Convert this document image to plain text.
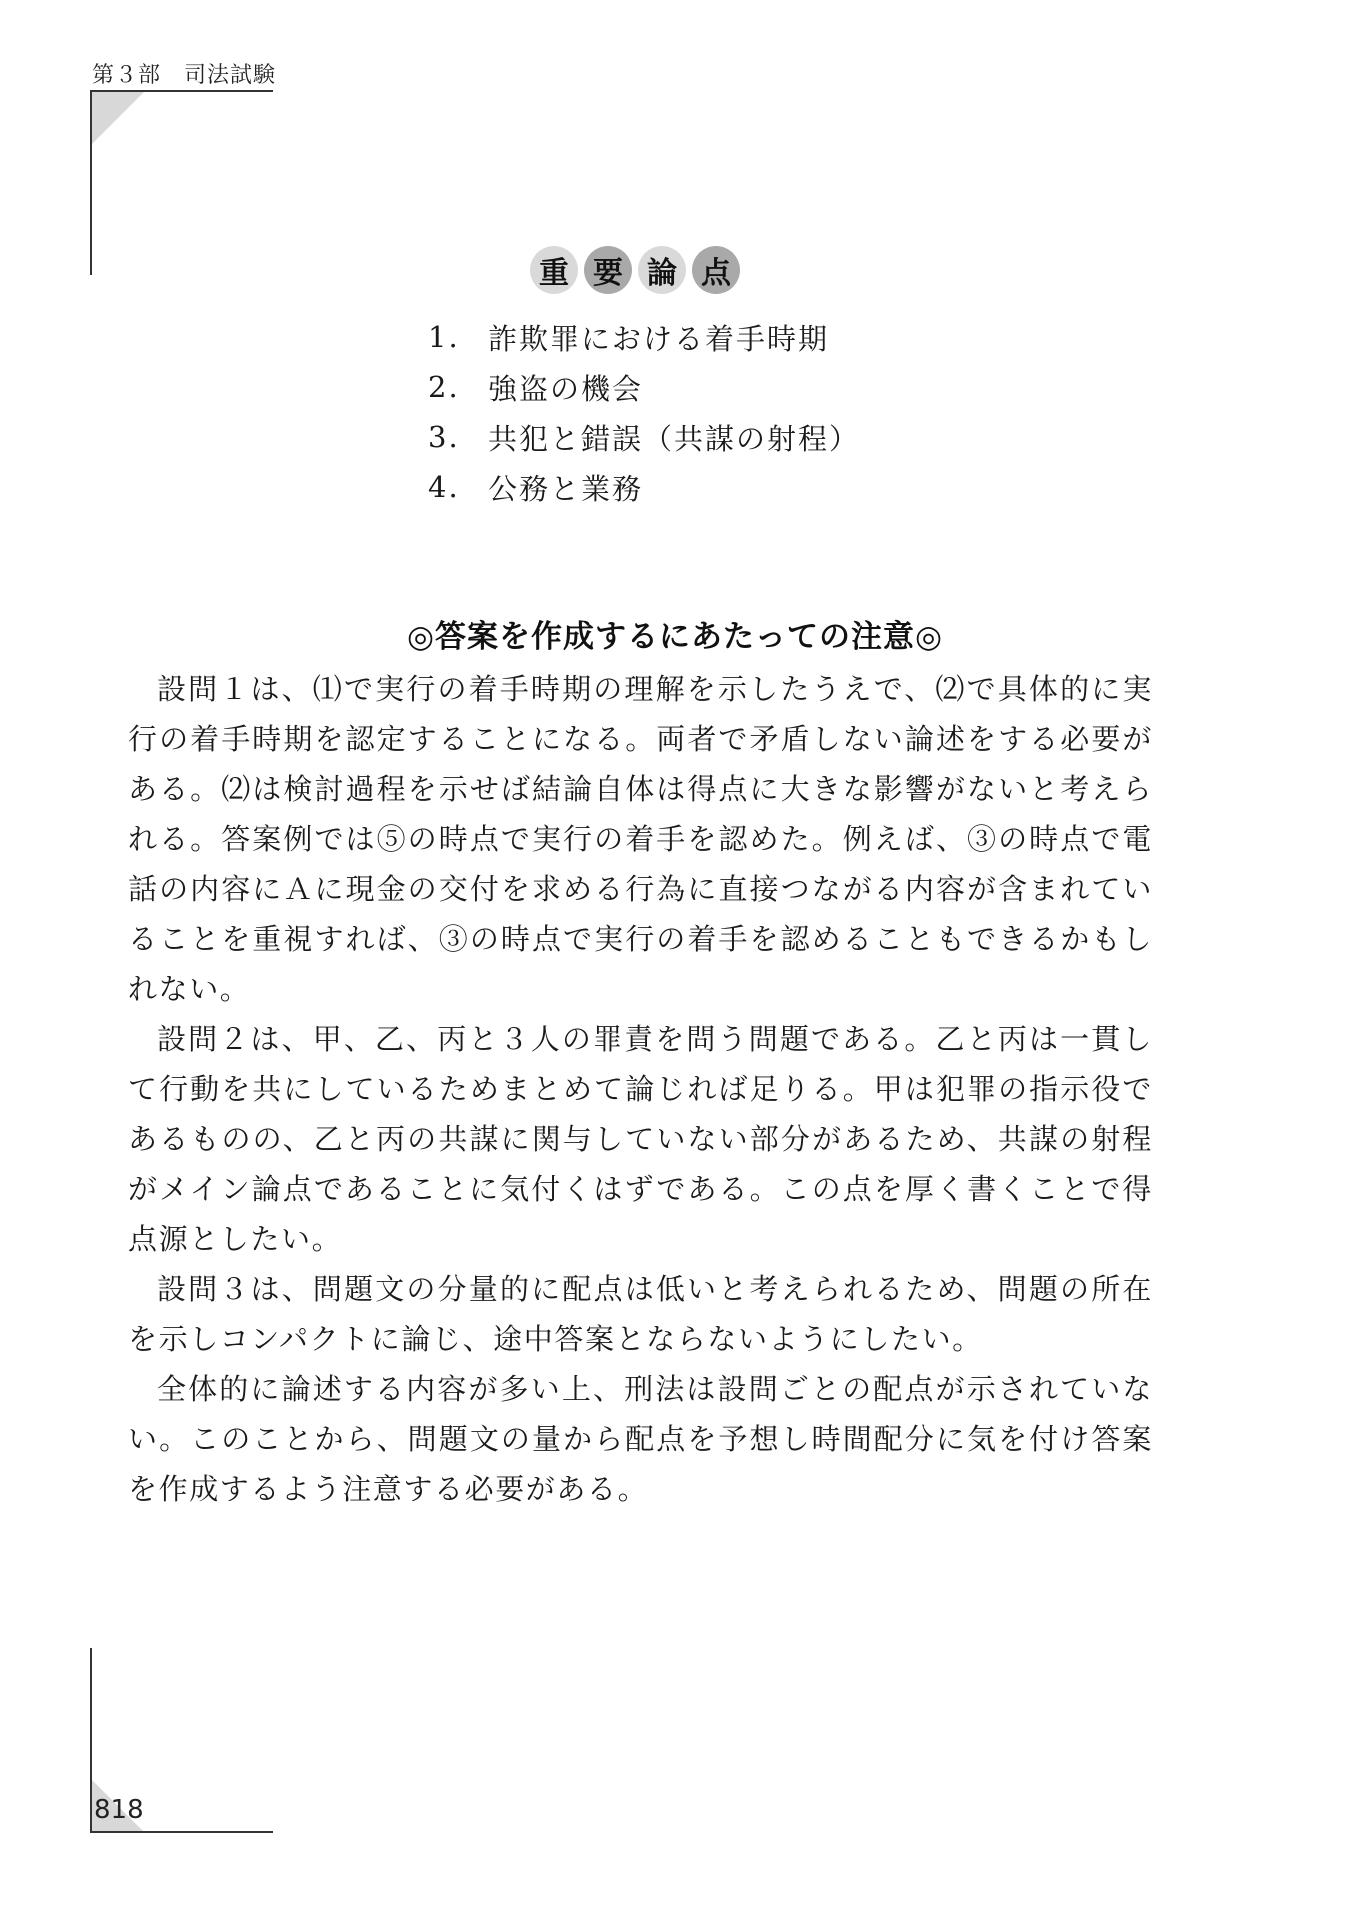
第３部　司法試験
重 要 論 点
1. 詐欺罪における着手時期
2. 強盗の機会
3. 共犯と錯誤（共謀の射程）
4. 公務と業務
◎答案を作成するにあたっての注意◎

設問１は、⑴で実行の着手時期の理解を示したうえで、⑵で具体的に実行の着手時期を認定することになる。両者で矛盾しない論述をする必要がある。⑵は検討過程を示せば結論自体は得点に大きな影響がないと考えられる。答案例では⑤の時点で実行の着手を認めた。例えば、③の時点で電話の内容にＡに現金の交付を求める行為に直接つながる内容が含まれていることを重視すれば、③の時点で実行の着手を認めることもできるかもしれない。

設問２は、甲、乙、丙と３人の罪責を問う問題である。乙と丙は一貫して行動を共にしているためまとめて論じれば足りる。甲は犯罪の指示役であるものの、乙と丙の共謀に関与していない部分があるため、共謀の射程がメイン論点であることに気付くはずである。この点を厚く書くことで得点源としたい。

設問３は、問題文の分量的に配点は低いと考えられるため、問題の所在を示しコンパクトに論じ、途中答案とならないようにしたい。

全体的に論述する内容が多い上、刑法は設問ごとの配点が示されていない。このことから、問題文の量から配点を予想し時間配分に気を付け答案を作成するよう注意する必要がある。

818
